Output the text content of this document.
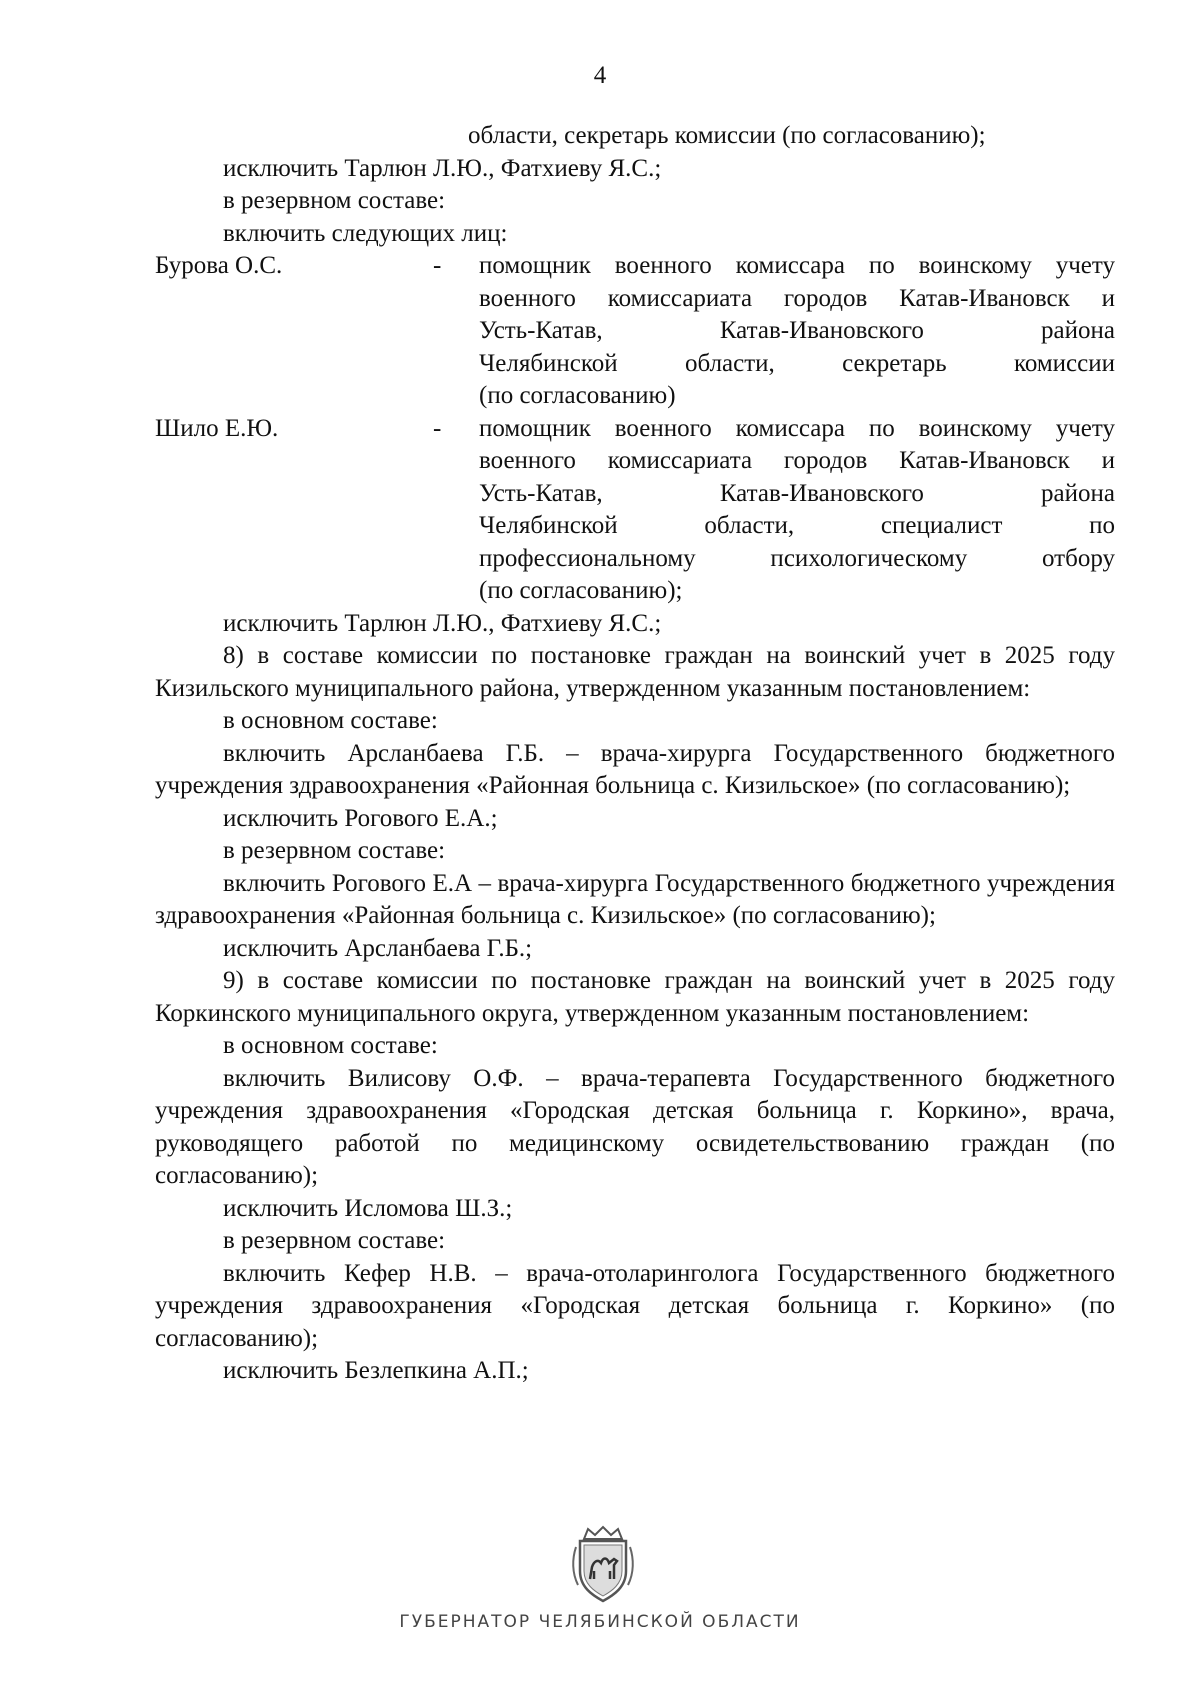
4
области, секретарь комиссии (по согласованию);

исключить Тарлюн Л.Ю., Фатхиеву Я.С.;

в резервном составе:

включить следующих лиц:

Бурова О.С.	-	помощник военного комиссара по воинскому учету
военного комиссариата городов Катав-Ивановск и
Усть-Катав, Катав-Ивановского района
Челябинской области, секретарь комиссии
(по согласованию)
Шило Е.Ю.	-	помощник военного комиссара по воинскому учету
военного комиссариата городов Катав-Ивановск и
Усть-Катав, Катав-Ивановского района
Челябинской области, специалист по
профессиональному психологическому отбору
(по согласованию);

исключить Тарлюн Л.Ю., Фатхиеву Я.С.;

8) в составе комиссии по постановке граждан на воинский учет в 2025 году Кизильского муниципального района, утвержденном указанным постановлением:

в основном составе:

включить Арсланбаева Г.Б. – врача-хирурга Государственного бюджетного учреждения здравоохранения «Районная больница с. Кизильское» (по согласованию);

исключить Рогового Е.А.;

в резервном составе:

включить Рогового Е.А – врача-хирурга Государственного бюджетного учреждения здравоохранения «Районная больница с. Кизильское» (по согласованию);

исключить Арсланбаева Г.Б.;

9) в составе комиссии по постановке граждан на воинский учет в 2025 году Коркинского муниципального округа, утвержденном указанным постановлением:

в основном составе:

включить Вилисову О.Ф. – врача-терапевта Государственного бюджетного учреждения здравоохранения «Городская детская больница г. Коркино», врача, руководящего работой по медицинскому освидетельствованию граждан (по согласованию);

исключить Исломова Ш.З.;

в резервном составе:

включить Кефер Н.В. – врача-отоларинголога Государственного бюджетного учреждения здравоохранения «Городская детская больница г. Коркино» (по согласованию);

исключить Безлепкина А.П.;

ГУБЕРНАТОР ЧЕЛЯБИНСКОЙ ОБЛАСТИ
